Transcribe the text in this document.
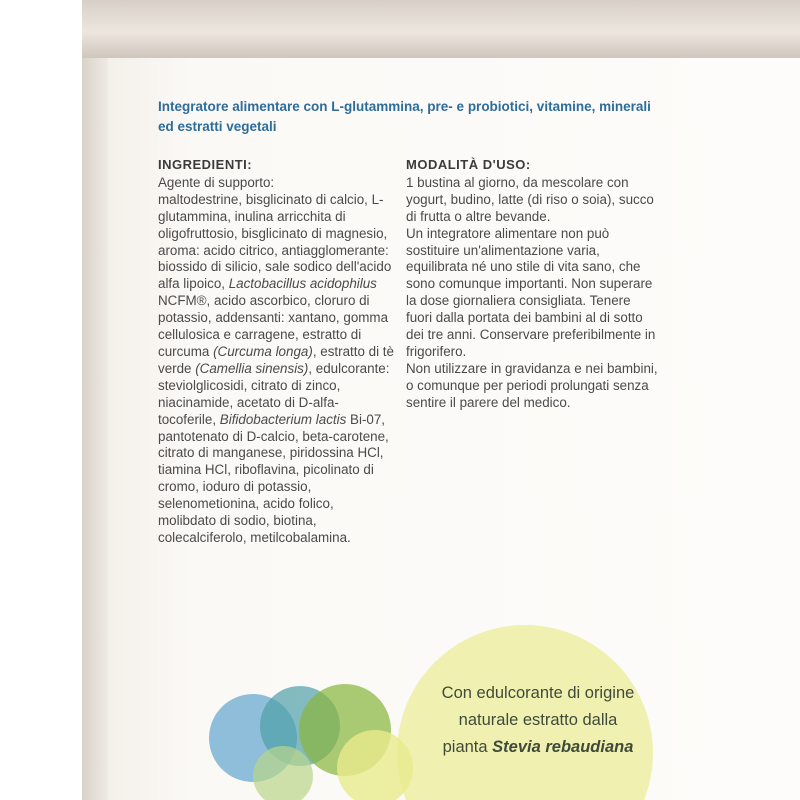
Integratore alimentare con L-glutammina, pre- e probiotici, vitamine, minerali
ed estratti vegetali
INGREDIENTI:

Agente di supporto:

maltodestrine, bisglicinato di calcio, L-glutammina, inulina arricchita di oligofruttosio, bisglicinato di magnesio, aroma: acido citrico, antiagglomerante: biossido di silicio, sale sodico dell'acido alfa lipoico, Lactobacillus acidophilus NCFM®, acido ascorbico, cloruro di potassio, addensanti: xantano, gomma cellulosica e carragene, estratto di curcuma (Curcuma longa), estratto di tè verde (Camellia sinensis), edulcorante: steviolglicosidi, citrato di zinco, niacinamide, acetato di D-alfa-tocoferile, Bifidobacterium lactis Bi-07, pantotenato di D-calcio, beta-carotene, citrato di manganese, piridossina HCl, tiamina HCl, riboflavina, picolinato di cromo, ioduro di potassio, selenometionina, acido folico, molibdato di sodio, biotina, colecalciferolo, metilcobalamina.

MODALITÀ D'USO:

1 bustina al giorno, da mescolare con yogurt, budino, latte (di riso o soia), succo di frutta o altre bevande.

Un integratore alimentare non può sostituire un'alimentazione varia, equilibrata né uno stile di vita sano, che sono comunque importanti. Non superare la dose giornaliera consigliata. Tenere fuori dalla portata dei bambini al di sotto dei tre anni. Conservare preferibilmente in frigorifero.

Non utilizzare in gravidanza e nei bambini, o comunque per periodi prolungati senza sentire il parere del medico.

Con edulcorante di origine
naturale estratto dalla
pianta Stevia rebaudiana
